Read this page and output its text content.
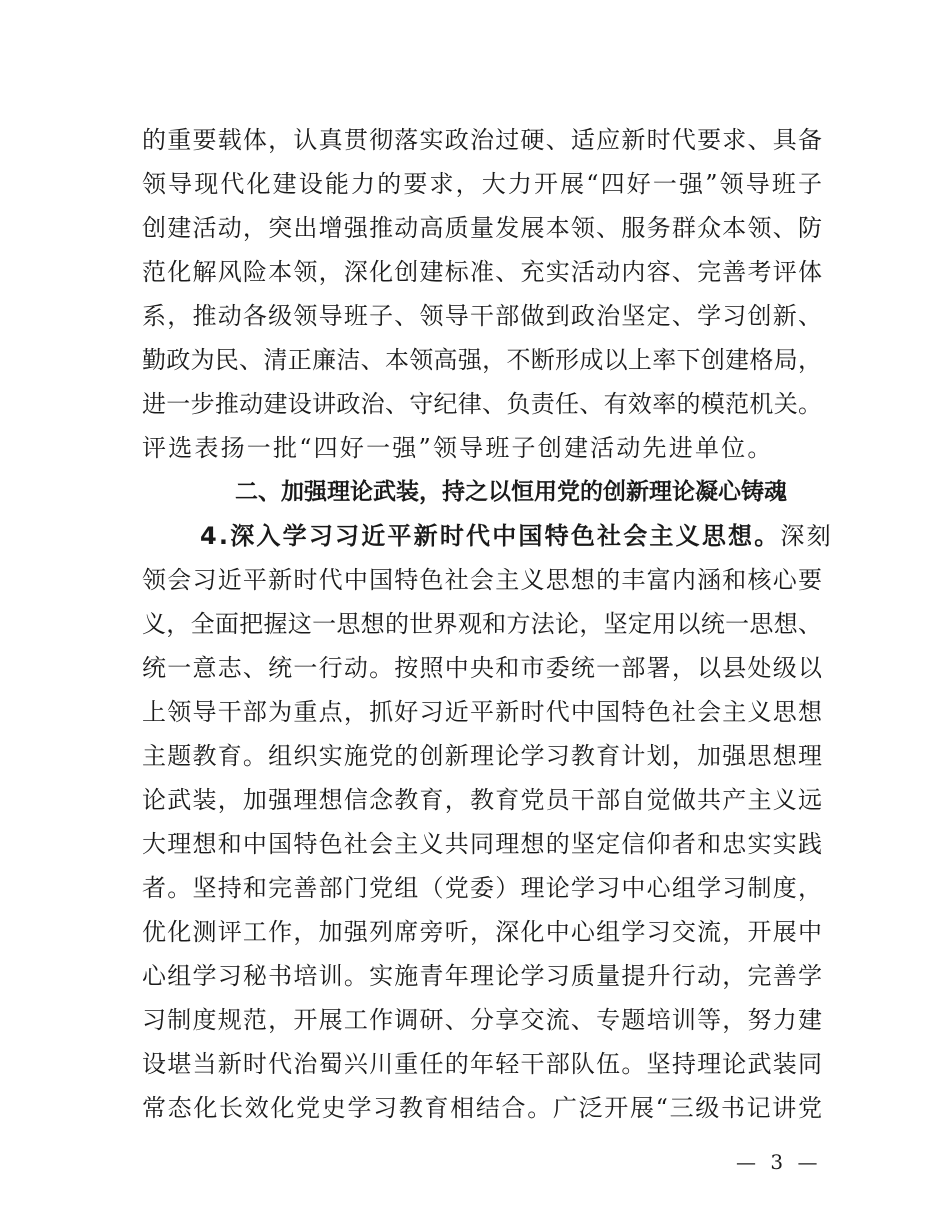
的重要载体，认真贯彻落实政治过硬、适应新时代要求、具备
领导现代化建设能力的要求，大力开展“四好一强”领导班子
创建活动，突出增强推动高质量发展本领、服务群众本领、防
范化解风险本领，深化创建标准、充实活动内容、完善考评体
系，推动各级领导班子、领导干部做到政治坚定、学习创新、
勤政为民、清正廉洁、本领高强，不断形成以上率下创建格局，
进一步推动建设讲政治、守纪律、负责任、有效率的模范机关。
评选表扬一批“四好一强”领导班子创建活动先进单位。
二、加强理论武装，持之以恒用党的创新理论凝心铸魂
4.深入学习习近平新时代中国特色社会主义思想。深刻
领会习近平新时代中国特色社会主义思想的丰富内涵和核心要
义，全面把握这一思想的世界观和方法论，坚定用以统一思想、
统一意志、统一行动。按照中央和市委统一部署，以县处级以
上领导干部为重点，抓好习近平新时代中国特色社会主义思想
主题教育。组织实施党的创新理论学习教育计划，加强思想理
论武装，加强理想信念教育，教育党员干部自觉做共产主义远
大理想和中国特色社会主义共同理想的坚定信仰者和忠实实践
者。坚持和完善部门党组（党委）理论学习中心组学习制度，
优化测评工作，加强列席旁听，深化中心组学习交流，开展中
心组学习秘书培训。实施青年理论学习质量提升行动，完善学
习制度规范，开展工作调研、分享交流、专题培训等，努力建
设堪当新时代治蜀兴川重任的年轻干部队伍。坚持理论武装同
常态化长效化党史学习教育相结合。广泛开展“三级书记讲党
— 3 —
